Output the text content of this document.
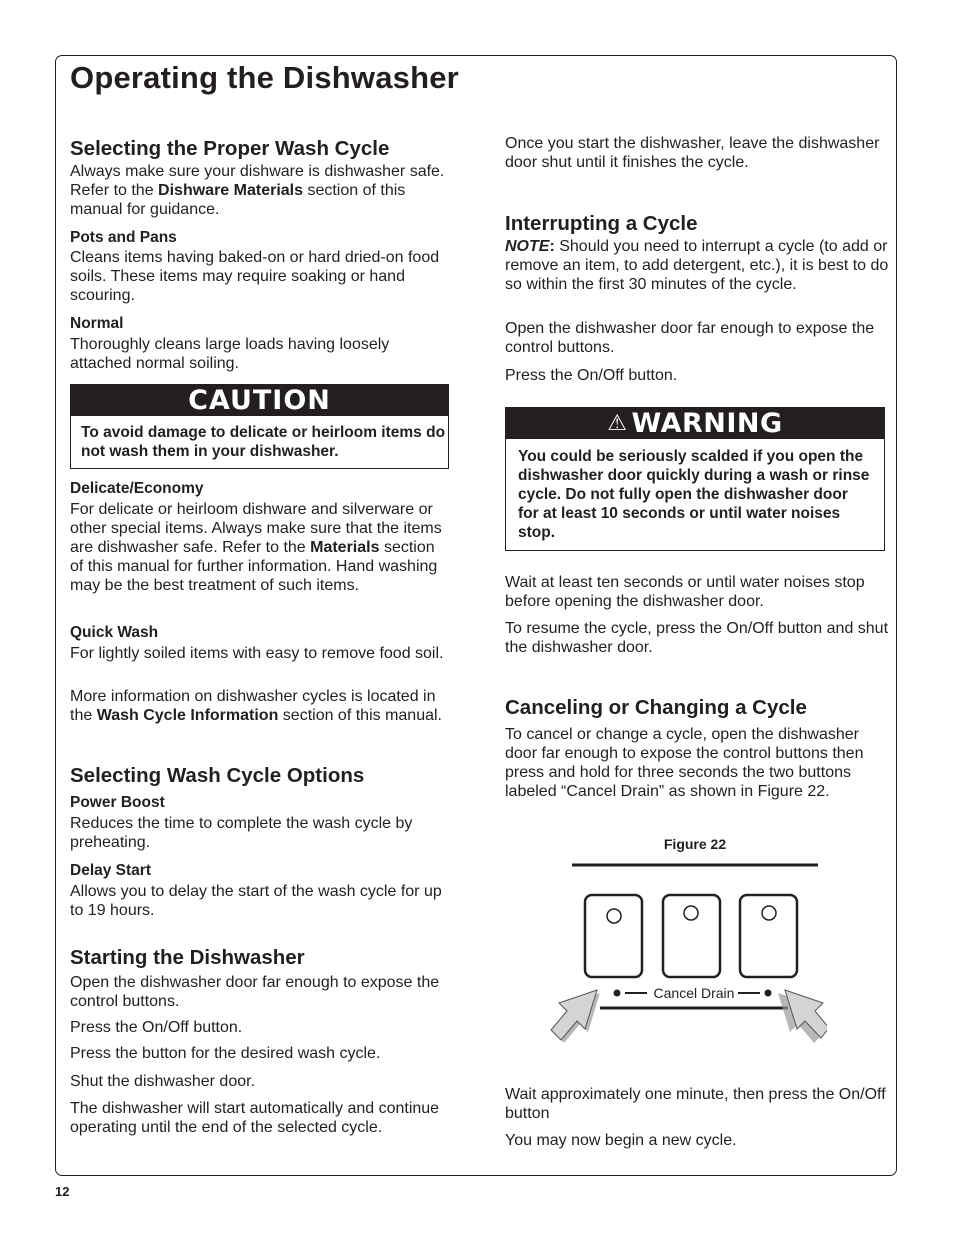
Operating the Dishwasher
Selecting the Proper Wash Cycle

Always make sure your dishware is dishwasher safe. Refer to the Dishware Materials section of this manual for guidance.

Pots and Pans

Cleans items having baked-on or hard dried-on food soils. These items may require soaking or hand scouring.

Normal

Thoroughly cleans large loads having loosely attached normal soiling.

Delicate/Economy

For delicate or heirloom dishware and silverware or other special items. Always make sure that the items are dishwasher safe. Refer to the Materials section of this manual for further information. Hand washing may be the best treatment of such items.

Quick Wash

For lightly soiled items with easy to remove food soil.

More information on dishwasher cycles is located in the Wash Cycle Information section of this manual.

Selecting Wash Cycle Options
Power Boost

Reduces the time to complete the wash cycle by preheating.

Delay Start

Allows you to delay the start of the wash cycle for up to 19 hours.

Starting the Dishwasher

Open the dishwasher door far enough to expose the control buttons.

Press the On/Off button.

Press the button for the desired wash cycle.

Shut the dishwasher door.

The dishwasher will start automatically and continue operating until the end of the selected cycle.

CAUTION
To avoid damage to delicate or heirloom items do not wash them in your dishwasher.

Once you start the dishwasher, leave the dishwasher door shut until it finishes the cycle.

Interrupting a Cycle

NOTE: Should you need to interrupt a cycle (to add or remove an item, to add detergent, etc.), it is best to do so within the first 30 minutes of the cycle.

Open the dishwasher door far enough to expose the control buttons.

Press the On/Off button.

Wait at least ten seconds or until water noises stop before opening the dishwasher door.

To resume the cycle, press the On/Off button and shut the dishwasher door.

Canceling or Changing a Cycle

To cancel or change a cycle, open the dishwasher door far enough to expose the control buttons then press and hold for three seconds the two buttons labeled “Cancel Drain” as shown in Figure 22.

Wait approximately one minute, then press the On/Off button

You may now begin a new cycle.

⚠ WARNING
You could be seriously scalded if you open the dishwasher door quickly during a wash or rinse cycle. Do not fully open the dishwasher door for at least 10 seconds or until water noises stop.
Figure 22
Cancel Drain
12
